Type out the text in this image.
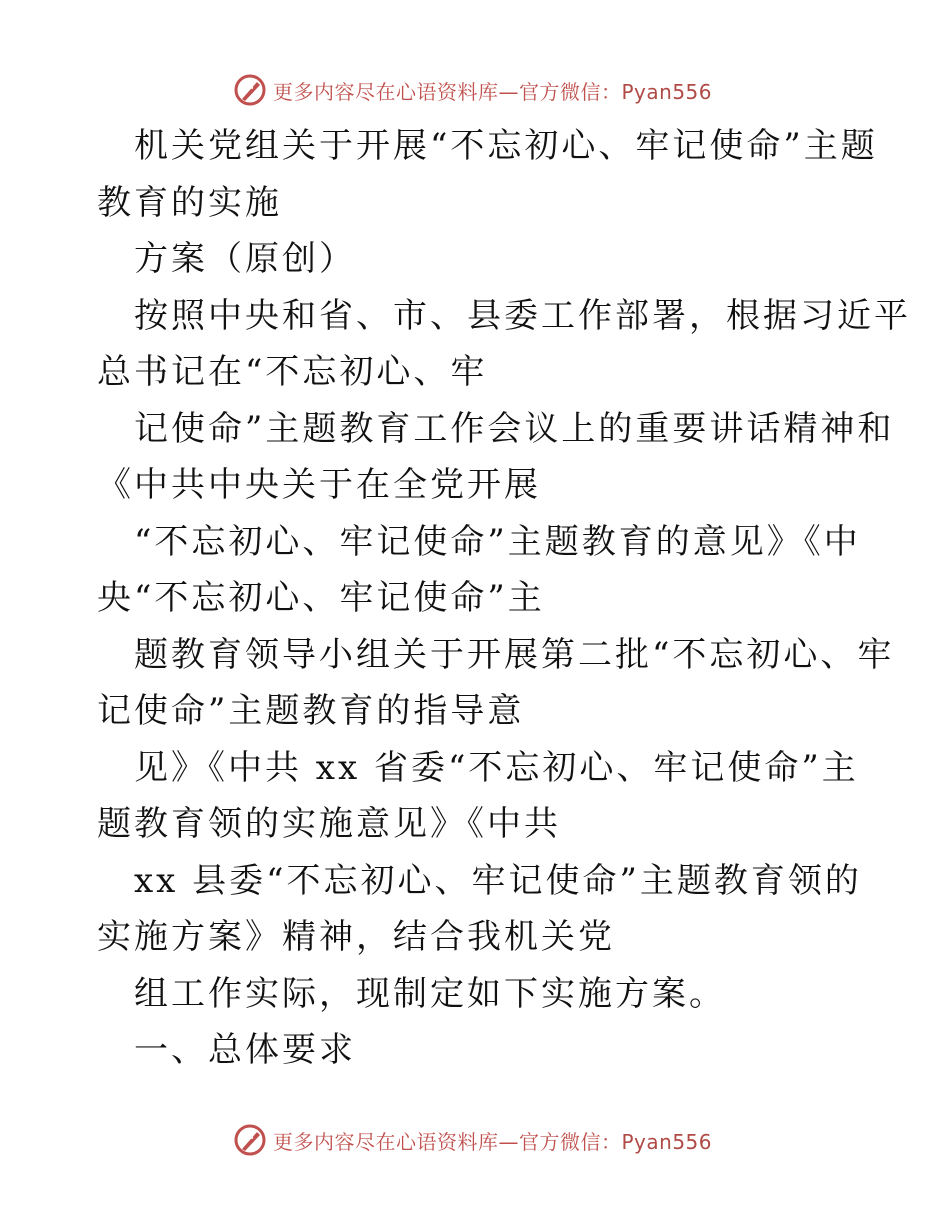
更多内容尽在心语资料库—官方微信：Pyan556
机关党组关于开展“不忘初心、牢记使命”主题
教育的实施
方案（原创）
按照中央和省、市、县委工作部署，根据习近平
总书记在“不忘初心、牢
记使命”主题教育工作会议上的重要讲话精神和
《中共中央关于在全党开展
“不忘初心、牢记使命”主题教育的意见》《中
央“不忘初心、牢记使命”主
题教育领导小组关于开展第二批“不忘初心、牢
记使命”主题教育的指导意
见》《中共 xx 省委“不忘初心、牢记使命”主
题教育领的实施意见》《中共
xx 县委“不忘初心、牢记使命”主题教育领的
实施方案》精神，结合我机关党
组工作实际，现制定如下实施方案。
一、总体要求
更多内容尽在心语资料库—官方微信：Pyan556
